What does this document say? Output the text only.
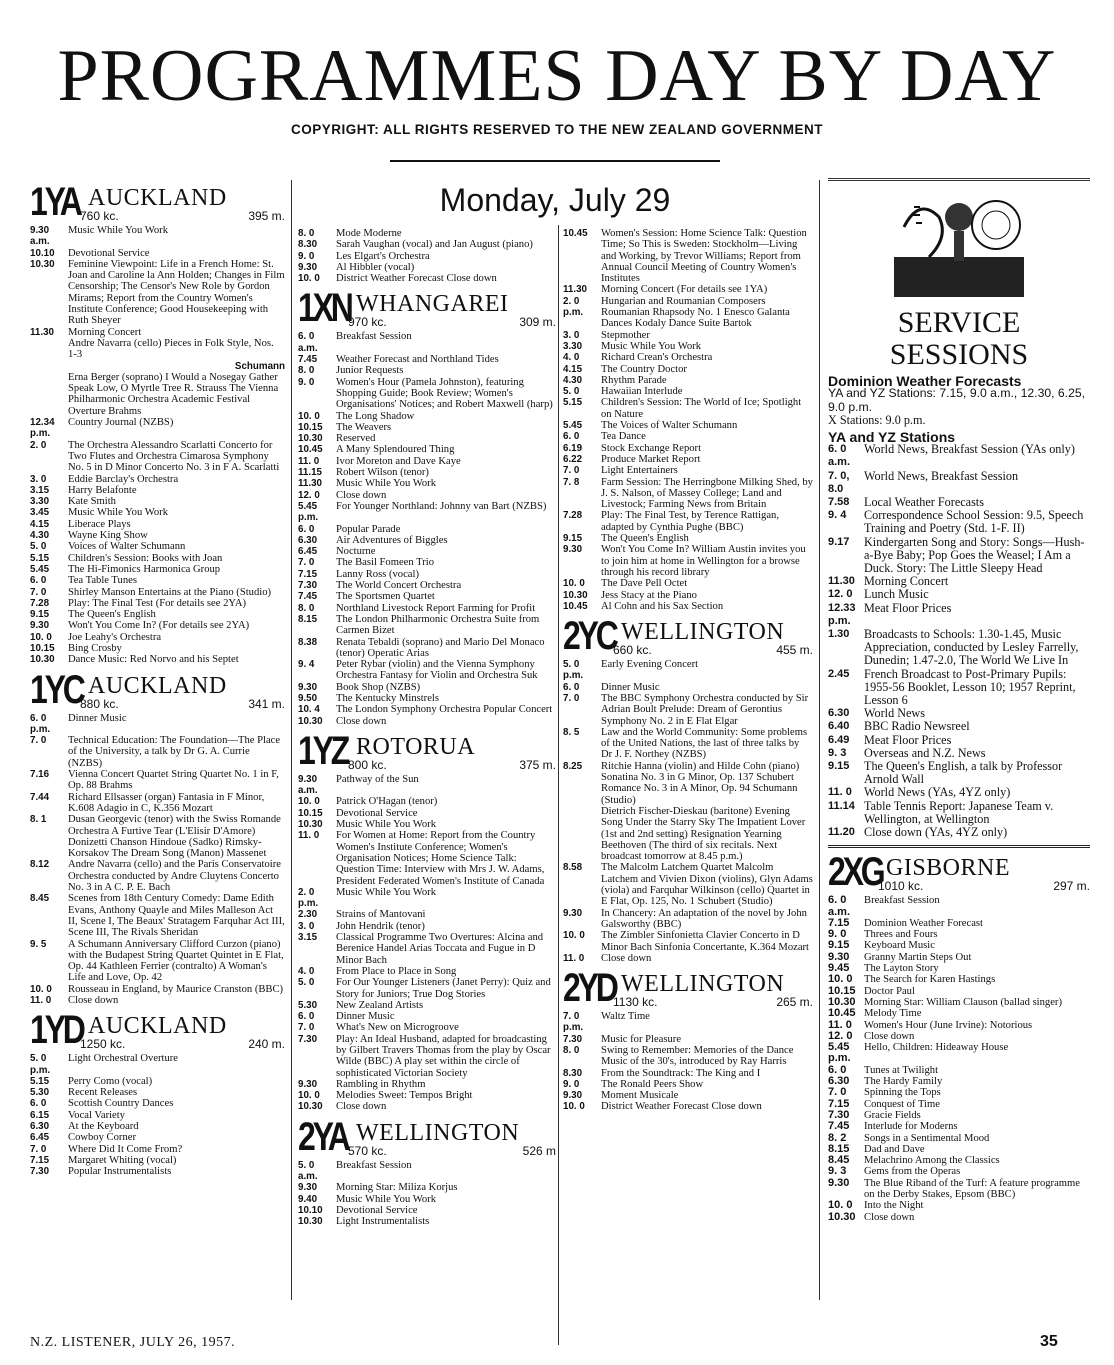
PROGRAMMES DAY BY DAY
COPYRIGHT: ALL RIGHTS RESERVED TO THE NEW ZEALAND GOVERNMENT
Monday, July 29
1YA AUCKLAND
760 kc.	395 m.
9.30 a.m.
Music While You Work
10.10	Devotional Service
10.30	Feminine Viewpoint: Life in a French Home: St. Joan and Caroline la Ann Holden; Changes in Film Censorship; The Censor's New Role by Gordon Mirams; Report from the Country Women's Institute Conference; Good Housekeeping with Ruth Sheyer
11.30	Morning Concert
Andre Navarra (cello) Pieces in Folk Style, Nos. 1-3
Schumann
Erna Berger (soprano) I Would a Nosegay Gather Speak Low, O Myrtle Tree R. Strauss The Vienna Philharmonic Orchestra Academic Festival Overture Brahms
12.34 p.m.
Country Journal (NZBS)
2. 0	The Orchestra Alessandro Scarlatti Concerto for Two Flutes and Orchestra Cimarosa Symphony No. 5 in D Minor Concerto No. 3 in F A. Scarlatti
3. 0	Eddie Barclay's Orchestra
3.15	Harry Belafonte
3.30	Kate Smith
3.45	Music While You Work
4.15	Liberace Plays
4.30	Wayne King Show
5. 0	Voices of Walter Schumann
5.15	Children's Session: Books with Joan
5.45	The Hi-Fimonics Harmonica Group
6. 0	Tea Table Tunes
7. 0	Shirley Manson Entertains at the Piano (Studio)
7.28	Play: The Final Test (For details see 2YA)
9.15	The Queen's English
9.30	Won't You Come In? (For details see 2YA)
10. 0	Joe Leahy's Orchestra
10.15	Bing Crosby
10.30	Dance Music: Red Norvo and his Septet
1YC AUCKLAND
880 kc.	341 m.
6. 0 p.m.
Dinner Music
7. 0	Technical Education: The Foundation—The Place of the University, a talk by Dr G. A. Currie (NZBS)
7.16	Vienna Concert Quartet String Quartet No. 1 in F, Op. 88 Brahms
7.44	Richard Ellsasser (organ) Fantasia in F Minor, K.608 Adagio in C, K.356 Mozart
8. 1	Dusan Georgevic (tenor) with the Swiss Romande Orchestra A Furtive Tear (L'Elisir D'Amore) Donizetti Chanson Hindoue (Sadko) Rimsky-Korsakov The Dream Song (Manon) Massenet
8.12	Andre Navarra (cello) and the Paris Conservatoire Orchestra conducted by Andre Cluytens Concerto No. 3 in A C. P. E. Bach
8.45	Scenes from 18th Century Comedy: Dame Edith Evans, Anthony Quayle and Miles Malleson Act II, Scene I, The Beaux' Stratagem Farquhar Act III, Scene III, The Rivals Sheridan
9. 5	A Schumann Anniversary Clifford Curzon (piano) with the Budapest String Quartet Quintet in E Flat, Op. 44 Kathleen Ferrier (contralto) A Woman's Life and Love, Op. 42
10. 0	Rousseau in England, by Maurice Cranston (BBC)
11. 0	Close down
1YD AUCKLAND
1250 kc.	240 m.
5. 0 p.m.
Light Orchestral Overture
5.15	Perry Como (vocal)
5.30	Recent Releases
6. 0	Scottish Country Dances
6.15	Vocal Variety
6.30	At the Keyboard
6.45	Cowboy Corner
7. 0	Where Did It Come From?
7.15	Margaret Whiting (vocal)
7.30	Popular Instrumentalists
8. 0	Mode Moderne
8.30	Sarah Vaughan (vocal) and Jan August (piano)
9. 0	Les Elgart's Orchestra
9.30	Al Hibbler (vocal)
10. 0	District Weather Forecast Close down
1XN WHANGAREI
970 kc.	309 m.
6. 0 a.m.
Breakfast Session
7.45	Weather Forecast and Northland Tides
8. 0	Junior Requests
9. 0	Women's Hour (Pamela Johnston), featuring Shopping Guide; Book Review; Women's Organisations' Notices; and Robert Maxwell (harp)
10. 0	The Long Shadow
10.15	The Weavers
10.30	Reserved
10.45	A Many Splendoured Thing
11. 0	Ivor Moreton and Dave Kaye
11.15	Robert Wilson (tenor)
11.30	Music While You Work
12. 0	Close down
5.45 p.m.
For Younger Northland: Johnny van Bart (NZBS)
6. 0	Popular Parade
6.30	Air Adventures of Biggles
6.45	Nocturne
7. 0	The Basil Fomeen Trio
7.15	Lanny Ross (vocal)
7.30	The World Concert Orchestra
7.45	The Sportsmen Quartet
8. 0	Northland Livestock Report Farming for Profit
8.15	The London Philharmonic Orchestra Suite from Carmen Bizet
8.38	Renata Tebaldi (soprano) and Mario Del Monaco (tenor) Operatic Arias
9. 4	Peter Rybar (violin) and the Vienna Symphony Orchestra Fantasy for Violin and Orchestra Suk
9.30	Book Shop (NZBS)
9.50	The Kentucky Minstrels
10. 4	The London Symphony Orchestra Popular Concert
10.30	Close down
1YZ ROTORUA
800 kc.	375 m.
9.30 a.m.
Pathway of the Sun
10. 0	Patrick O'Hagan (tenor)
10.15	Devotional Service
10.30	Music While You Work
11. 0	For Women at Home: Report from the Country Women's Institute Conference; Women's Organisation Notices; Home Science Talk: Question Time: Interview with Mrs J. W. Adams, President Federated Women's Institute of Canada
2. 0 p.m.
Music While You Work
2.30	Strains of Mantovani
3. 0	John Hendrik (tenor)
3.15	Classical Programme Two Overtures: Alcina and Berenice Handel Arias Toccata and Fugue in D Minor Bach
4. 0	From Place to Place in Song
5. 0	For Our Younger Listeners (Janet Perry): Quiz and Story for Juniors; True Dog Stories
5.30	New Zealand Artists
6. 0	Dinner Music
7. 0	What's New on Microgroove
7.30	Play: An Ideal Husband, adapted for broadcasting by Gilbert Travers Thomas from the play by Oscar Wilde (BBC) A play set within the circle of sophisticated Victorian Society
9.30	Rambling in Rhythm
10. 0	Melodies Sweet: Tempos Bright
10.30	Close down
2YA WELLINGTON
570 kc.	526 m
5. 0 a.m.
Breakfast Session
9.30	Morning Star: Miliza Korjus
9.40	Music While You Work
10.10	Devotional Service
10.30	Light Instrumentalists
10.45	Women's Session: Home Science Talk: Question Time; So This is Sweden: Stockholm—Living and Working, by Trevor Williams; Report from Annual Council Meeting of Country Women's Institutes
11.30	Morning Concert (For details see 1YA)
2. 0 p.m.
Hungarian and Roumanian Composers Roumanian Rhapsody No. 1 Enesco Galanta Dances Kodaly Dance Suite Bartok
3. 0	Stepmother
3.30	Music While You Work
4. 0	Richard Crean's Orchestra
4.15	The Country Doctor
4.30	Rhythm Parade
5. 0	Hawaiian Interlude
5.15	Children's Session: The World of Ice; Spotlight on Nature
5.45	The Voices of Walter Schumann
6. 0	Tea Dance
6.19	Stock Exchange Report
6.22	Produce Market Report
7. 0	Light Entertainers
7. 8	Farm Session: The Herringbone Milking Shed, by J. S. Nalson, of Massey College; Land and Livestock; Farming News from Britain
7.28	Play: The Final Test, by Terence Rattigan, adapted by Cynthia Pughe (BBC)
9.15	The Queen's English
9.30	Won't You Come In? William Austin invites you to join him at home in Wellington for a browse through his record library
10. 0	The Dave Pell Octet
10.30	Jess Stacy at the Piano
10.45	Al Cohn and his Sax Section
2YC WELLINGTON
660 kc.	455 m.
5. 0 p.m.
Early Evening Concert
6. 0	Dinner Music
7. 0	The BBC Symphony Orchestra conducted by Sir Adrian Boult Prelude: Dream of Gerontius Symphony No. 2 in E Flat Elgar
8. 5	Law and the World Community: Some problems of the United Nations, the last of three talks by Dr J. F. Northey (NZBS)
8.25	Ritchie Hanna (violin) and Hilde Cohn (piano) Sonatina No. 3 in G Minor, Op. 137 Schubert Romance No. 3 in A Minor, Op. 94 Schumann (Studio)
Dietrich Fischer-Dieskau (baritone) Evening Song Under the Starry Sky The Impatient Lover (1st and 2nd setting) Resignation Yearning Beethoven (The third of six recitals. Next broadcast tomorrow at 8.45 p.m.)
8.58	The Malcolm Latchem Quartet Malcolm Latchem and Vivien Dixon (violins), Glyn Adams (viola) and Farquhar Wilkinson (cello) Quartet in E Flat, Op. 125, No. 1 Schubert (Studio)
9.30	In Chancery: An adaptation of the novel by John Galsworthy (BBC)
10. 0	The Zimbler Sinfonietta Clavier Concerto in D Minor Bach Sinfonia Concertante, K.364 Mozart
11. 0	Close down
2YD WELLINGTON
1130 kc.	265 m.
7. 0 p.m.
Waltz Time
7.30	Music for Pleasure
8. 0	Swing to Remember: Memories of the Dance Music of the 30's, introduced by Ray Harris
8.30	From the Soundtrack: The King and I
9. 0	The Ronald Peers Show
9.30	Moment Musicale
10. 0	District Weather Forecast Close down
SERVICE
SESSIONS
Dominion Weather Forecasts
YA and YZ Stations: 7.15, 9.0 a.m., 12.30, 6.25, 9.0 p.m.
X Stations: 9.0 p.m.
YA and YZ Stations
6. 0 a.m.
World News, Breakfast Session (YAs only)
7. 0, 8.0
World News, Breakfast Session
7.58	Local Weather Forecasts
9. 4	Correspondence School Session: 9.5, Speech Training and Poetry (Std. 1-F. II)
9.17	Kindergarten Song and Story: Songs—Hush-a-Bye Baby; Pop Goes the Weasel; I Am a Duck. Story: The Little Sleepy Head
11.30 Morning Concert
12. 0 Lunch Music
12.33 p.m.
Meat Floor Prices
1.30	Broadcasts to Schools: 1.30-1.45, Music Appreciation, conducted by Lesley Farrelly, Dunedin; 1.47-2.0, The World We Live In
2.45	French Broadcast to Post-Primary Pupils: 1955-56 Booklet, Lesson 10; 1957 Reprint, Lesson 6
6.30	World News
6.40	BBC Radio Newsreel
6.49	Meat Floor Prices
9. 3	Overseas and N.Z. News
9.15	The Queen's English, a talk by Professor Arnold Wall
11. 0 World News (YAs, 4YZ only)
11.14 Table Tennis Report: Japanese Team v. Wellington, at Wellington
11.20 Close down (YAs, 4YZ only)
2XG GISBORNE
1010 kc.	297 m.
6. 0 a.m.
Breakfast Session
7.15	Dominion Weather Forecast
9. 0	Threes and Fours
9.15	Keyboard Music
9.30	Granny Martin Steps Out
9.45	The Layton Story
10. 0	The Search for Karen Hastings
10.15 Doctor Paul
10.30 Morning Star: William Clauson (ballad singer)
10.45 Melody Time
11. 0	Women's Hour (June Irvine): Notorious
12. 0	Close down
5.45 p.m.
Hello, Children: Hideaway House
6. 0	Tunes at Twilight
6.30	The Hardy Family
7. 0	Spinning the Tops
7.15	Conquest of Time
7.30	Gracie Fields
7.45	Interlude for Moderns
8. 2	Songs in a Sentimental Mood
8.15	Dad and Dave
8.45	Melachrino Among the Classics
9. 3	Gems from the Operas
9.30	The Blue Riband of the Turf: A feature programme on the Derby Stakes, Epsom (BBC)
10. 0	Into the Night
10.30 Close down
N.Z. LISTENER, JULY 26, 1957.	35
